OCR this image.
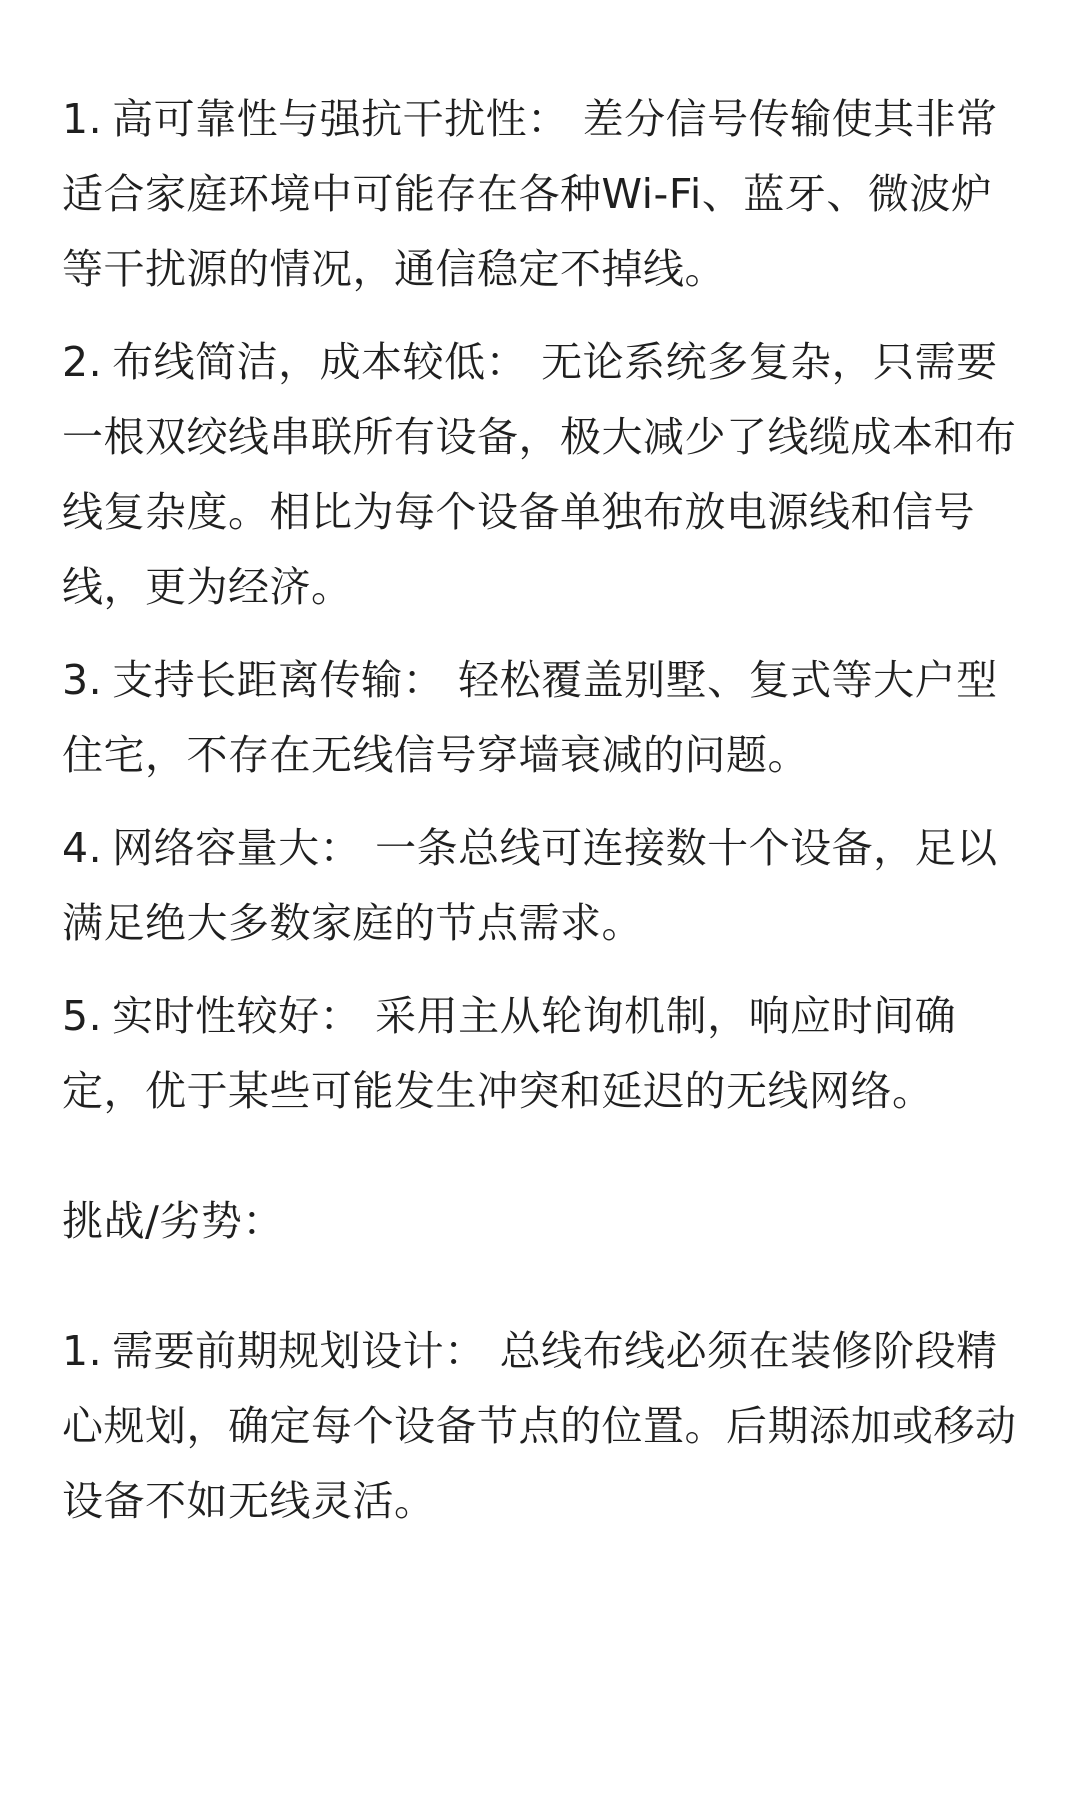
1. 高可靠性与强抗干扰性： 差分信号传输使其非常适合家庭环境中可能存在各种Wi-Fi、蓝牙、微波炉等干扰源的情况，通信稳定不掉线。

2. 布线简洁，成本较低： 无论系统多复杂，只需要一根双绞线串联所有设备，极大减少了线缆成本和布线复杂度。相比为每个设备单独布放电源线和信号线，更为经济。

3. 支持长距离传输： 轻松覆盖别墅、复式等大户型住宅，不存在无线信号穿墙衰减的问题。

4. 网络容量大： 一条总线可连接数十个设备，足以满足绝大多数家庭的节点需求。

5. 实时性较好： 采用主从轮询机制，响应时间确定，优于某些可能发生冲突和延迟的无线网络。

挑战/劣势：

1. 需要前期规划设计： 总线布线必须在装修阶段精心规划，确定每个设备节点的位置。后期添加或移动设备不如无线灵活。
